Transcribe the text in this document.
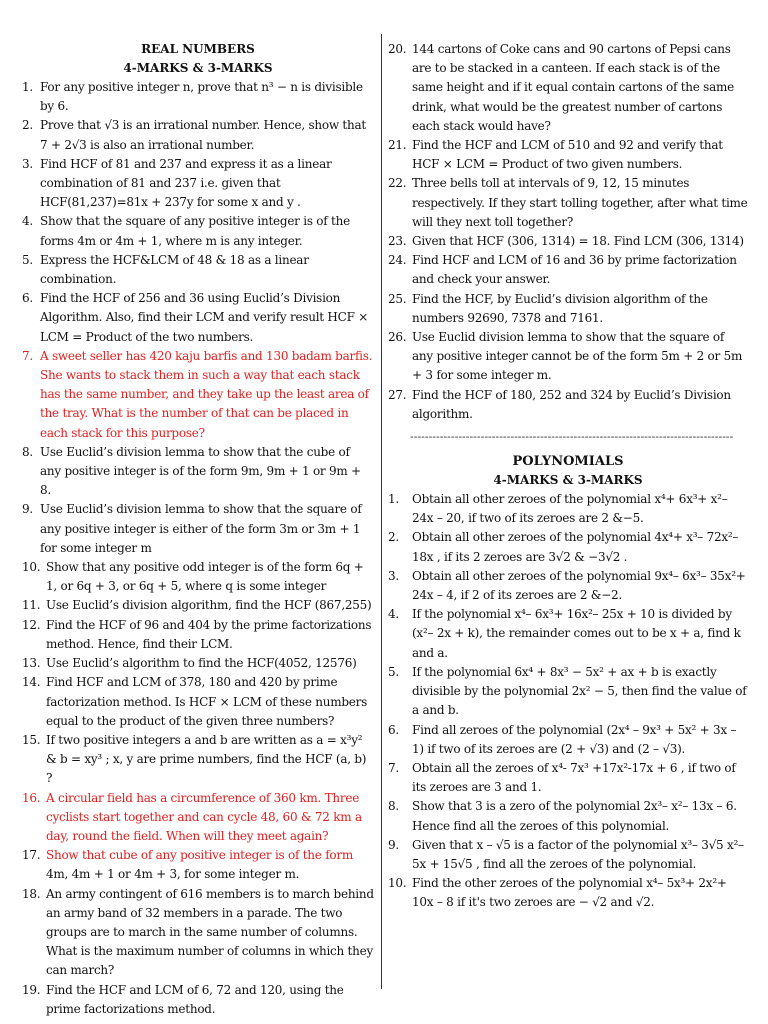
REAL NUMBERS
4-MARKS & 3-MARKS
1. For any positive integer n, prove that n³ − n is divisible by 6.
2. Prove that √3 is an irrational number. Hence, show that 7 + 2√3 is also an irrational number.
3. Find HCF of 81 and 237 and express it as a linear combination of 81 and 237 i.e. given that HCF(81,237)=81x + 237y for some x and y .
4. Show that the square of any positive integer is of the forms 4m or 4m + 1, where m is any integer.
5. Express the HCF&LCM of 48 & 18 as a linear combination.
6. Find the HCF of 256 and 36 using Euclid’s Division Algorithm. Also, find their LCM and verify result HCF × LCM = Product of the two numbers.
7. A sweet seller has 420 kaju barfis and 130 badam barfis. She wants to stack them in such a way that each stack has the same number, and they take up the least area of the tray. What is the number of that can be placed in each stack for this purpose?
8. Use Euclid’s division lemma to show that the cube of any positive integer is of the form 9m, 9m + 1 or 9m + 8.
9. Use Euclid’s division lemma to show that the square of any positive integer is either of the form 3m or 3m + 1 for some integer m
10. Show that any positive odd integer is of the form 6q + 1, or 6q + 3, or 6q + 5, where q is some integer
11. Use Euclid’s division algorithm, find the HCF (867,255)
12. Find the HCF of 96 and 404 by the prime factorizations method. Hence, find their LCM.
13. Use Euclid’s algorithm to find the HCF(4052, 12576)
14. Find HCF and LCM of 378, 180 and 420 by prime factorization method. Is HCF × LCM of these numbers equal to the product of the given three numbers?
15. If two positive integers a and b are written as a = x³y² & b = xy³ ; x, y are prime numbers, find the HCF (a, b) ?
16. A circular field has a circumference of 360 km. Three cyclists start together and can cycle 48, 60 & 72 km a day, round the field. When will they meet again?
17. Show that cube of any positive integer is of the form 4m, 4m + 1 or 4m + 3, for some integer m.
18. An army contingent of 616 members is to march behind an army band of 32 members in a parade. The two groups are to march in the same number of columns. What is the maximum number of columns in which they can march?
19. Find the HCF and LCM of 6, 72 and 120, using the prime factorizations method.
20. 144 cartons of Coke cans and 90 cartons of Pepsi cans are to be stacked in a canteen. If each stack is of the same height and if it equal contain cartons of the same drink, what would be the greatest number of cartons each stack would have?
21. Find the HCF and LCM of 510 and 92 and verify that HCF × LCM = Product of two given numbers.
22. Three bells toll at intervals of 9, 12, 15 minutes respectively. If they start tolling together, after what time will they next toll together?
23. Given that HCF (306, 1314) = 18. Find LCM (306, 1314)
24. Find HCF and LCM of 16 and 36 by prime factorization and check your answer.
25. Find the HCF, by Euclid’s division algorithm of the numbers 92690, 7378 and 7161.
26. Use Euclid division lemma to show that the square of any positive integer cannot be of the form 5m + 2 or 5m + 3 for some integer m.
27. Find the HCF of 180, 252 and 324 by Euclid’s Division algorithm.
---------------------------------------------------------------------------------------
POLYNOMIALS
4-MARKS & 3-MARKS
1. Obtain all other zeroes of the polynomial x⁴+ 6x³+ x²– 24x – 20, if two of its zeroes are 2 &−5.
2. Obtain all other zeroes of the polynomial 4x⁴+ x³– 72x²– 18x , if its 2 zeroes are 3√2 & −3√2 .
3. Obtain all other zeroes of the polynomial 9x⁴– 6x³– 35x²+ 24x – 4, if 2 of its zeroes are 2 &−2.
4. If the polynomial x⁴– 6x³+ 16x²– 25x + 10 is divided by (x²– 2x + k), the remainder comes out to be x + a, find k and a.
5. If the polynomial 6x⁴ + 8x³ − 5x² + ax + b is exactly divisible by the polynomial 2x² − 5, then find the value of a and b.
6. Find all zeroes of the polynomial (2x⁴ – 9x³ + 5x² + 3x – 1) if two of its zeroes are (2 + √3) and (2 – √3).
7. Obtain all the zeroes of x⁴- 7x³ +17x²-17x + 6 , if two of its zeroes are 3 and 1.
8. Show that 3 is a zero of the polynomial 2x³– x²– 13x – 6. Hence find all the zeroes of this polynomial.
9. Given that x – √5 is a factor of the polynomial x³– 3√5 x²– 5x + 15√5 , find all the zeroes of the polynomial.
10. Find the other zeroes of the polynomial x⁴– 5x³+ 2x²+ 10x – 8 if it's two zeroes are − √2 and √2.
